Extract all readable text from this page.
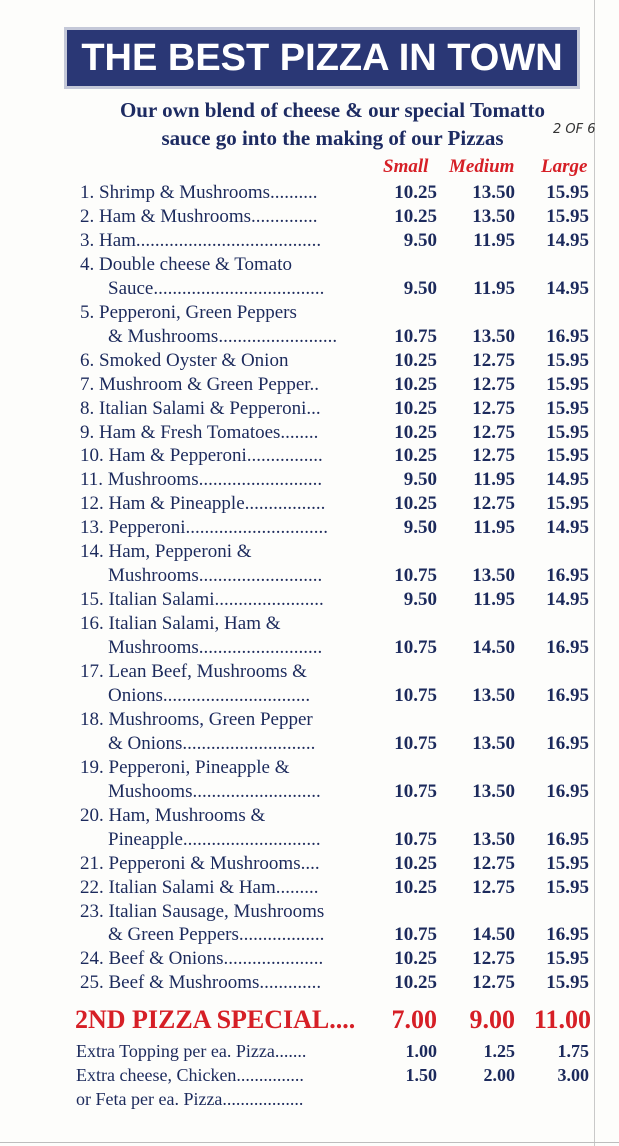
THE BEST PIZZA IN TOWN
Our own blend of cheese & our special Tomatto
sauce go into the making of our Pizzas	2 OF 6
Small Medium Large
1. Shrimp & Mushrooms..........	10.25 13.50 15.95
2. Ham & Mushrooms..............	10.25 13.50 15.95
3. Ham.......................................	9.50 11.95 14.95
4. Double cheese & Tomato
Sauce....................................	9.50 11.95 14.95
5. Pepperoni, Green Peppers
& Mushrooms.........................	10.75 13.50 16.95
6. Smoked Oyster & Onion	10.25 12.75 15.95
7. Mushroom & Green Pepper..	10.25 12.75 15.95
8. Italian Salami & Pepperoni...	10.25 12.75 15.95
9. Ham & Fresh Tomatoes........	10.25 12.75 15.95
10. Ham & Pepperoni................	10.25 12.75 15.95
11. Mushrooms..........................	9.50 11.95 14.95
12. Ham & Pineapple.................	10.25 12.75 15.95
13. Pepperoni..............................	9.50 11.95 14.95
14. Ham, Pepperoni &
Mushrooms..........................	10.75 13.50 16.95
15. Italian Salami.......................	9.50 11.95 14.95
16. Italian Salami, Ham &
Mushrooms..........................	10.75 14.50 16.95
17. Lean Beef, Mushrooms &
Onions...............................	10.75 13.50 16.95
18. Mushrooms, Green Pepper
& Onions............................	10.75 13.50 16.95
19. Pepperoni, Pineapple &
Mushooms...........................	10.75 13.50 16.95
20. Ham, Mushrooms &
Pineapple.............................	10.75 13.50 16.95
21. Pepperoni & Mushrooms....	10.25 12.75 15.95
22. Italian Salami & Ham.........	10.25 12.75 15.95
23. Italian Sausage, Mushrooms
& Green Peppers..................	10.75 14.50 16.95
24. Beef & Onions.....................	10.25 12.75 15.95
25. Beef & Mushrooms.............	10.25 12.75 15.95
2ND PIZZA SPECIAL.... 7.00 9.00 11.00
Extra Topping per ea. Pizza.......	1.00	1.25 1.75
Extra cheese, Chicken...............	1.50	2.00 3.00
or Feta per ea. Pizza..................
